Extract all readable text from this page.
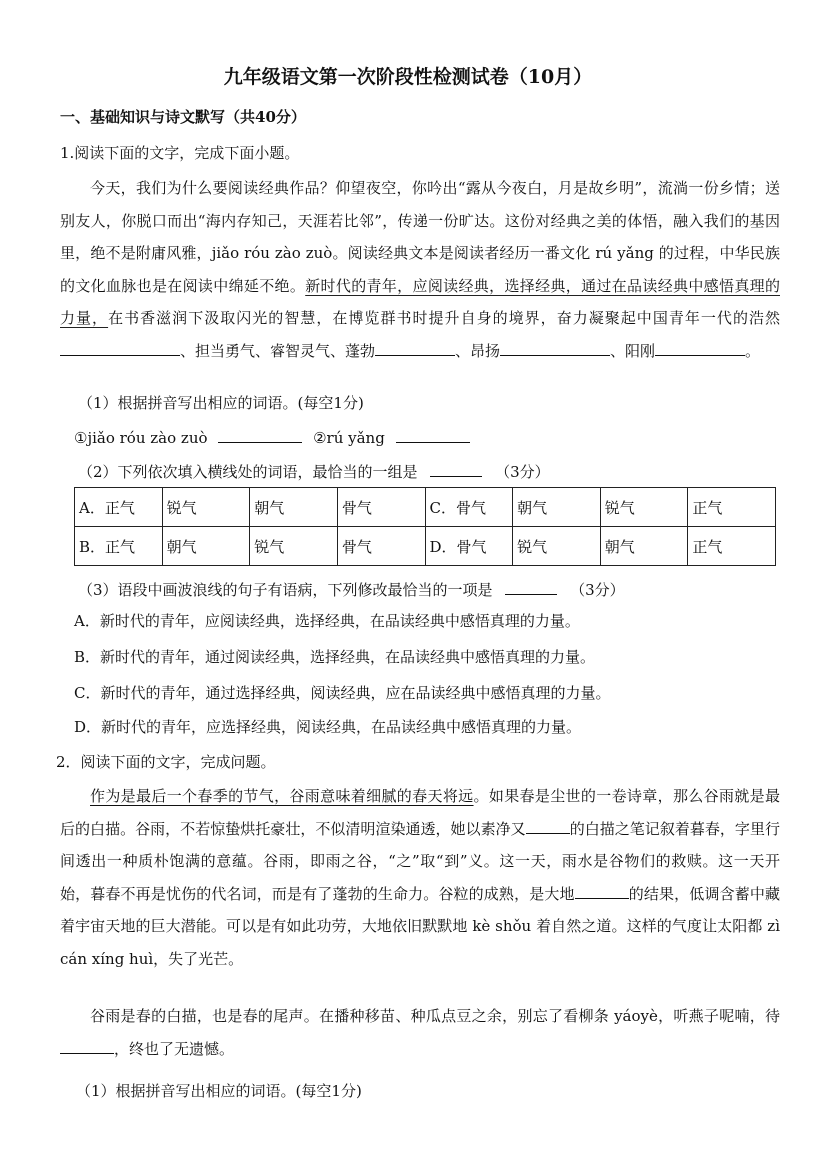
九年级语文第一次阶段性检测试卷（10月）
一、基础知识与诗文默写（共40分）
1.阅读下面的文字，完成下面小题。
今天，我们为什么要阅读经典作品？仰望夜空，你吟出“露从今夜白，月是故乡明”，流淌一份乡情；送别友人，你脱口而出“海内存知己，天涯若比邻”，传递一份旷达。这份对经典之美的体悟，融入我们的基因里，绝不是附庸风雅，jiǎo róu zào zuò。阅读经典文本是阅读者经历一番文化 rú yǎng 的过程，中华民族的文化血脉也是在阅读中绵延不绝。新时代的青年，应阅读经典，选择经典，通过在品读经典中感悟真理的力量，在书香滋润下汲取闪光的智慧，在博览群书时提升自身的境界，奋力凝聚起中国青年一代的浩然、担当勇气、睿智灵气、蓬勃	、昂扬	、阳刚	。
（1）根据拼音写出相应的词语。(每空1分)
①jiǎo róu zào zuò	②rú yǎng
（2）下列依次填入横线处的词语，最恰当的一组是	（3分）
A．正气	锐气	朝气	骨气	C．骨气	朝气	锐气	正气
B．正气	朝气	锐气	骨气	D．骨气	锐气	朝气	正气
（3）语段中画波浪线的句子有语病，下列修改最恰当的一项是	（3分）
A．新时代的青年，应阅读经典，选择经典，在品读经典中感悟真理的力量。
B．新时代的青年，通过阅读经典，选择经典，在品读经典中感悟真理的力量。
C．新时代的青年，通过选择经典，阅读经典，应在品读经典中感悟真理的力量。
D．新时代的青年，应选择经典，阅读经典，在品读经典中感悟真理的力量。
2．阅读下面的文字，完成问题。
作为是最后一个春季的节气，谷雨意味着细腻的春天将远。如果春是尘世的一卷诗章，那么谷雨就是最后的白描。谷雨，不若惊蛰烘托豪壮，不似清明渲染通透，她以素净又	的白描之笔记叙着暮春，字里行间透出一种质朴饱满的意蕴。谷雨，即雨之谷，“之”取“到”义。这一天，雨水是谷物们的救赎。这一天开始，暮春不再是忧伤的代名词，而是有了蓬勃的生命力。谷粒的成熟，是大地	的结果，低调含蓄中藏着宇宙天地的巨大潜能。可以是有如此功劳，大地依旧默默地 kè shǒu 着自然之道。这样的气度让太阳都 zì cán xíng huì，失了光芒。
谷雨是春的白描，也是春的尾声。在播种移苗、种瓜点豆之余，别忘了看柳条 yáoyè，听燕子呢喃，待，终也了无遗憾。
（1）根据拼音写出相应的词语。(每空1分)
